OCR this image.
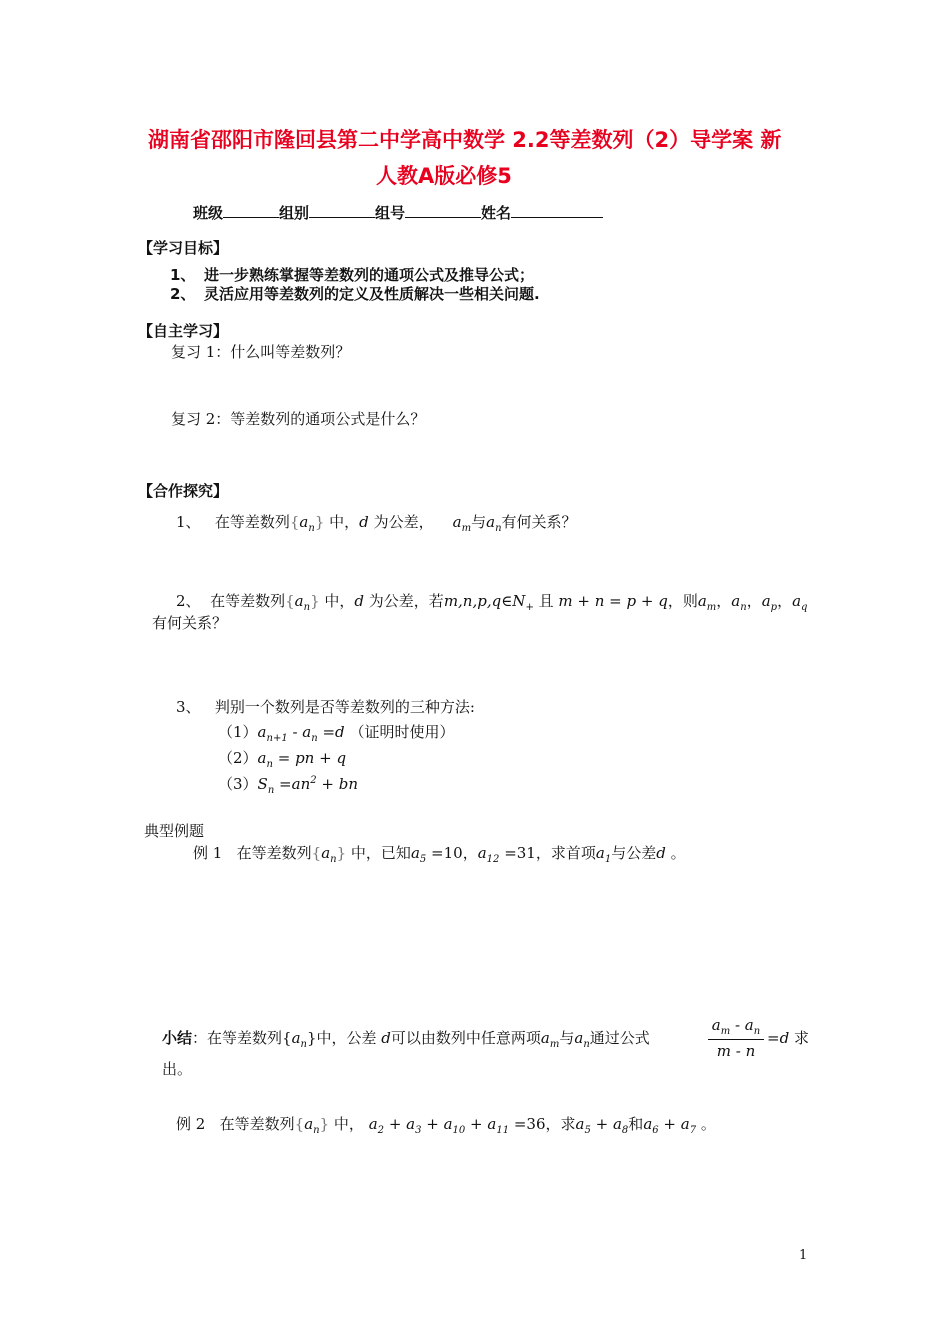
湖南省邵阳市隆回县第二中学高中数学 2.2等差数列（2）导学案 新
人教A版必修5
班级	组别	组号	姓名
【学习目标】
1、 进一步熟练掌握等差数列的通项公式及推导公式；
2、 灵活应用等差数列的定义及性质解决一些相关问题.
【自主学习】
复习 1：什么叫等差数列？
复习 2：等差数列的通项公式是什么？
【合作探究】
1、 在等差数列$\{a_n\}$ 中，d 为公差， $a_m$与$a_n$有何关系？
2、 在等差数列$\{a_n\}$ 中，d 为公差，若$m,n,p,q\in N_+$ 且 m + n = p + q，则$a_m$，$a_n$，$a_p$，$a_q$
有何关系？
3、 判别一个数列是否等差数列的三种方法:
$(1)a_{n+1} - a_n =d$ （证明时使用）
$(2)a_n$ = pn + q
$(3)S_n =an^2$ + bn
典型例题
例 1 在等差数列$\{a_n\}$ 中，已知$a_5 =10$，$a_{12} =31$，求首项$a_1$与公差d 。
小结：在等差数列$\{a_n\}$中，公差 d可以由数列中任意两项$a_m$与$a_n$通过公式
$a_m - a_n$
m - n
=d 求
出。
例 2 在等差数列$\{a_n\}$ 中， $a_2 + a_3 + a_{10} + a_{11} =36$，求$a_5 + a_8$和$a_6 + a_7$ 。
1
